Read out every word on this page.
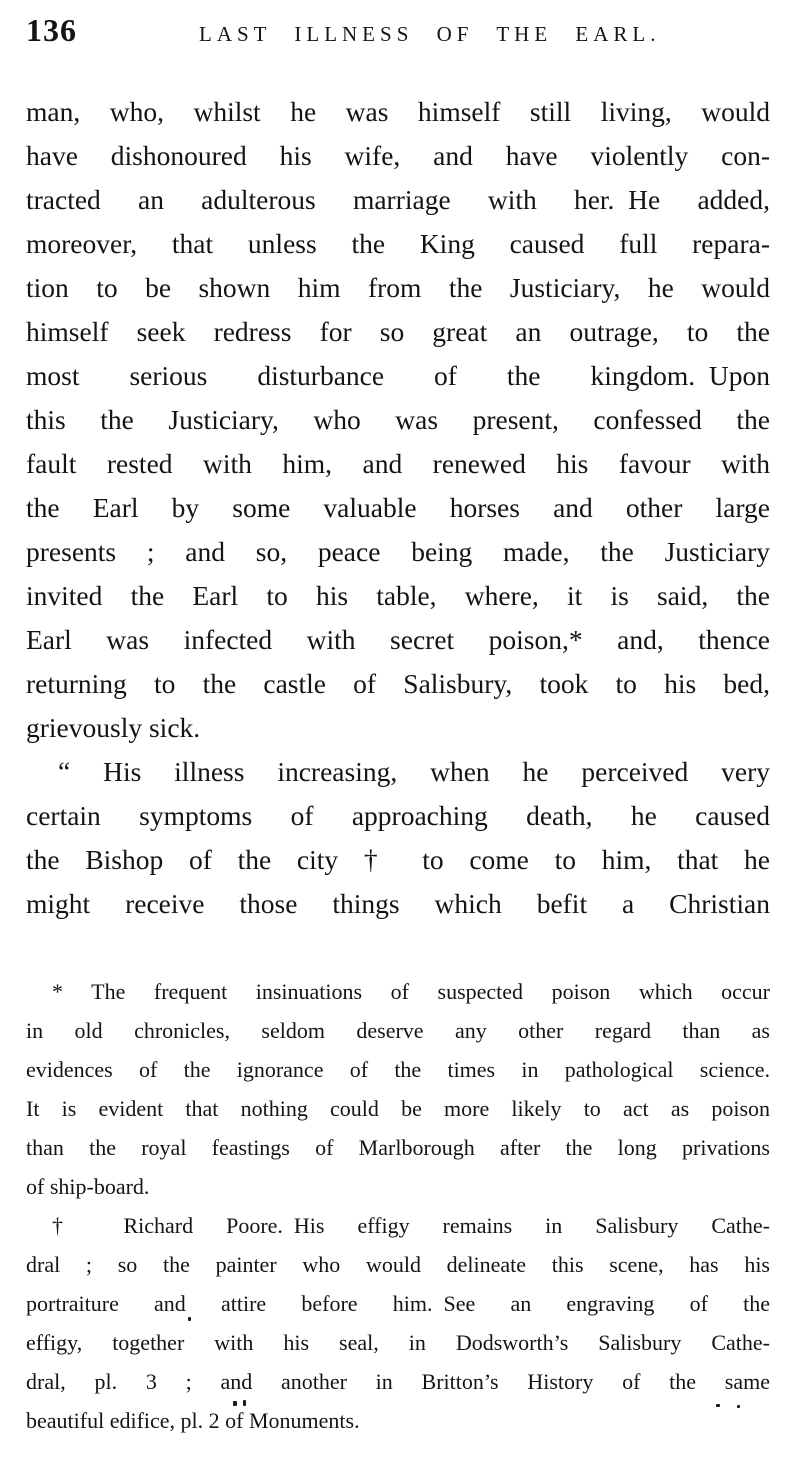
136	LAST ILLNESS OF THE EARL.

man, who, whilst he was himself still living, would
have dishonoured his wife, and have violently con-
tracted an adulterous marriage with her. He added,
moreover, that unless the King caused full repara-
tion to be shown him from the Justiciary, he would
himself seek redress for so great an outrage, to the
most serious disturbance of the kingdom. Upon
this the Justiciary, who was present, confessed the
fault rested with him, and renewed his favour with
the Earl by some valuable horses and other large
presents ; and so, peace being made, the Justiciary
invited the Earl to his table, where, it is said, the
Earl was infected with secret poison,* and, thence
returning to the castle of Salisbury, took to his bed,
grievously sick.

“ His illness increasing, when he perceived very
certain symptoms of approaching death, he caused
the Bishop of the city † to come to him, that he
might receive those things which befit a Christian

* The frequent insinuations of suspected poison which occur
in old chronicles, seldom deserve any other regard than as
evidences of the ignorance of the times in pathological science.
It is evident that nothing could be more likely to act as poison
than the royal feastings of Marlborough after the long privations
of ship-board.

† Richard Poore. His effigy remains in Salisbury Cathe-
dral ; so the painter who would delineate this scene, has his
portraiture and attire before him. See an engraving of the
effigy, together with his seal, in Dodsworth’s Salisbury Cathe-
dral, pl. 3 ; and another in Britton’s History of the same
beautiful edifice, pl. 2 of Monuments.
